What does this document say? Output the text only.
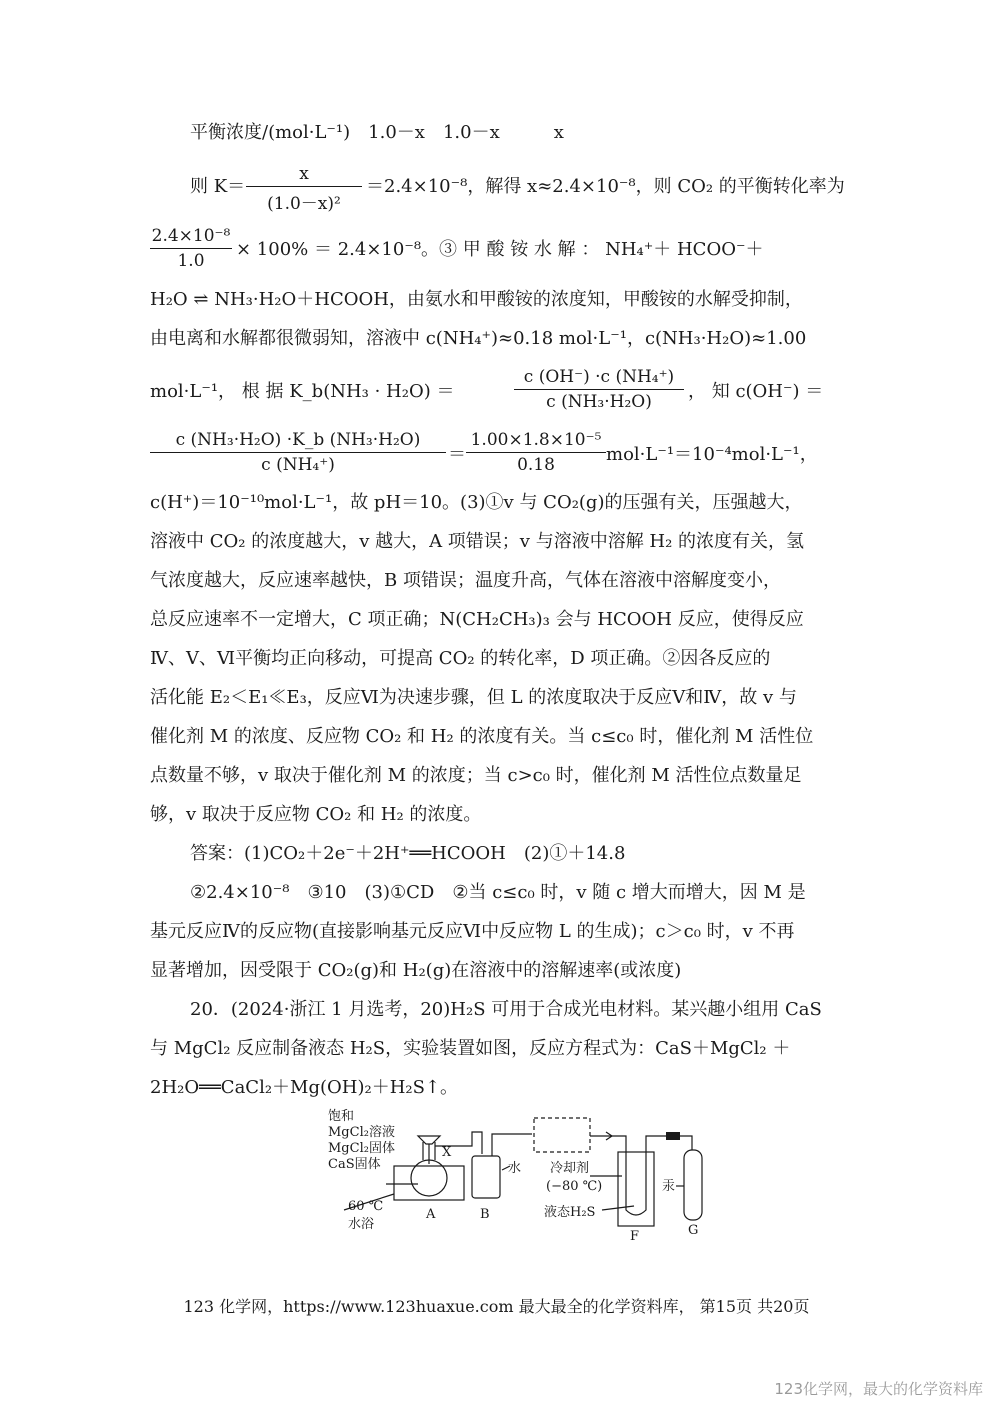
平衡浓度/(mol·L⁻¹)　1.0－x　1.0－x　　　x
则 K＝
x
(1.0－x)²
＝2.4×10⁻⁸，解得 x≈2.4×10⁻⁸，则 CO₂ 的平衡转化率为
2.4×10⁻⁸
1.0
× 100% ＝ 2.4×10⁻⁸。③ 甲 酸 铵 水 解 ： NH₄⁺＋ HCOO⁻＋
H₂O ⇌ NH₃·H₂O＋HCOOH，由氨水和甲酸铵的浓度知，甲酸铵的水解受抑制，
由电离和水解都很微弱知，溶液中 c(NH₄⁺)≈0.18 mol·L⁻¹，c(NH₃·H₂O)≈1.00
mol·L⁻¹， 根 据 K_b(NH₃ · H₂O) ＝
c (OH⁻) ·c (NH₄⁺)
c (NH₃·H₂O)	， 知 c(OH⁻) ＝
c (NH₃·H₂O) ·K_b (NH₃·H₂O)
c (NH₄⁺)	＝
1.00×1.8×10⁻⁵
0.18	mol·L⁻¹＝10⁻⁴mol·L⁻¹，
c(H⁺)＝10⁻¹⁰mol·L⁻¹，故 pH＝10。(3)①v 与 CO₂(g)的压强有关，压强越大，
溶液中 CO₂ 的浓度越大，v 越大，A 项错误；v 与溶液中溶解 H₂ 的浓度有关，氢
气浓度越大，反应速率越快，B 项错误；温度升高，气体在溶液中溶解度变小，
总反应速率不一定增大，C 项正确；N(CH₂CH₃)₃ 会与 HCOOH 反应，使得反应
Ⅳ、Ⅴ、Ⅵ平衡均正向移动，可提高 CO₂ 的转化率，D 项正确。②因各反应的
活化能 E₂＜E₁≪E₃，反应Ⅵ为决速步骤，但 L 的浓度取决于反应Ⅴ和Ⅳ，故 v 与
催化剂 M 的浓度、反应物 CO₂ 和 H₂ 的浓度有关。当 c≤c₀ 时，催化剂 M 活性位
点数量不够，v 取决于催化剂 M 的浓度；当 c>c₀ 时，催化剂 M 活性位点数量足
够，v 取决于反应物 CO₂ 和 H₂ 的浓度。
答案：(1)CO₂＋2e⁻＋2H⁺══HCOOH　(2)①＋14.8
②2.4×10⁻⁸　③10　(3)①CD　②当 c≤c₀ 时，v 随 c 增大而增大，因 M 是
基元反应Ⅳ的反应物(直接影响基元反应Ⅵ中反应物 L 的生成)；c＞c₀ 时，v 不再
显著增加，因受限于 CO₂(g)和 H₂(g)在溶液中的溶解速率(或浓度)
20．(2024·浙江 1 月选考，20)H₂S 可用于合成光电材料。某兴趣小组用 CaS
与 MgCl₂ 反应制备液态 H₂S，实验装置如图，反应方程式为：CaS＋MgCl₂ ＋
2H₂O══CaCl₂＋Mg(OH)₂＋H₂S↑。
饱和
MgCl₂溶液
MgCl₂固体
CaS固体
X
水
60 ℃
水浴
A	B
冷却剂
(−80 ℃)
液态H₂S
F
汞
G
123 化学网，https://www.123huaxue.com 最大最全的化学资料库， 第15页 共20页
123化学网，最大的化学资料库
